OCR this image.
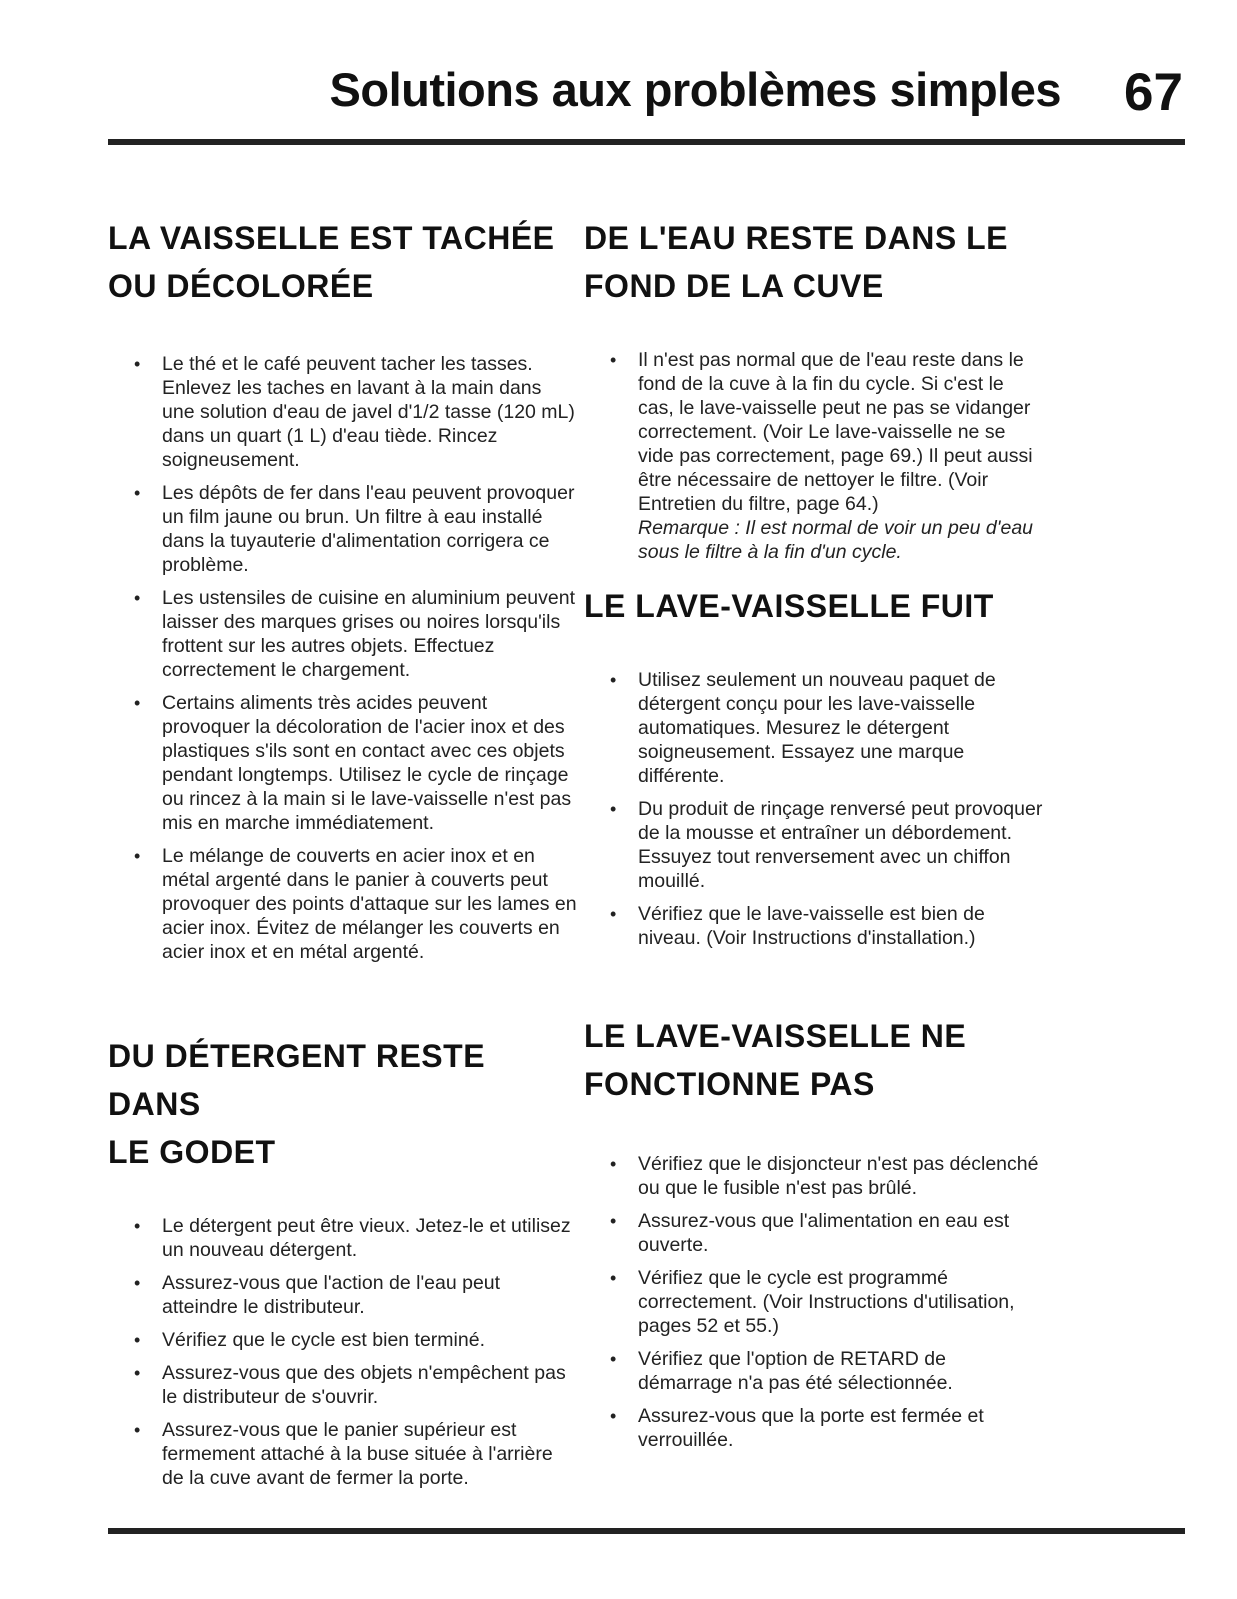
Solutions aux problèmes simples 67
LA VAISSELLE EST TACHÉE
OU DÉCOLORÉE
• Le thé et le café peuvent tacher les tasses. Enlevez les taches en lavant à la main dans une solution d'eau de javel d'1/2 tasse (120 mL) dans un quart (1 L) d'eau tiède. Rincez soigneusement.
• Les dépôts de fer dans l'eau peuvent provoquer un film jaune ou brun. Un filtre à eau installé dans la tuyauterie d'alimentation corrigera ce problème.
• Les ustensiles de cuisine en aluminium peuvent laisser des marques grises ou noires lorsqu'ils frottent sur les autres objets. Effectuez correctement le chargement.
• Certains aliments très acides peuvent provoquer la décoloration de l'acier inox et des plastiques s'ils sont en contact avec ces objets pendant longtemps. Utilisez le cycle de rinçage ou rincez à la main si le lave-vaisselle n'est pas mis en marche immédiatement.
• Le mélange de couverts en acier inox et en métal argenté dans le panier à couverts peut provoquer des points d'attaque sur les lames en acier inox. Évitez de mélanger les couverts en acier inox et en métal argenté.
DU DÉTERGENT RESTE DANS
LE GODET
• Le détergent peut être vieux. Jetez-le et utilisez un nouveau détergent.
• Assurez-vous que l'action de l'eau peut atteindre le distributeur.
• Vérifiez que le cycle est bien terminé.
• Assurez-vous que des objets n'empêchent pas le distributeur de s'ouvrir.
• Assurez-vous que le panier supérieur est fermement attaché à la buse située à l'arrière de la cuve avant de fermer la porte.
DE L'EAU RESTE DANS LE
FOND DE LA CUVE
• Il n'est pas normal que de l'eau reste dans le fond de la cuve à la fin du cycle. Si c'est le cas, le lave-vaisselle peut ne pas se vidanger correctement. (Voir Le lave-vaisselle ne se vide pas correctement, page 69.) Il peut aussi être nécessaire de nettoyer le filtre. (Voir Entretien du filtre, page 64.)
Remarque : Il est normal de voir un peu d'eau sous le filtre à la fin d'un cycle.
LE LAVE-VAISSELLE FUIT
• Utilisez seulement un nouveau paquet de détergent conçu pour les lave-vaisselle automatiques. Mesurez le détergent soigneusement. Essayez une marque différente.
• Du produit de rinçage renversé peut provoquer de la mousse et entraîner un débordement. Essuyez tout renversement avec un chiffon mouillé.
• Vérifiez que le lave-vaisselle est bien de niveau. (Voir Instructions d'installation.)
LE LAVE-VAISSELLE NE
FONCTIONNE PAS
• Vérifiez que le disjoncteur n'est pas déclenché ou que le fusible n'est pas brûlé.
• Assurez-vous que l'alimentation en eau est ouverte.
• Vérifiez que le cycle est programmé correctement. (Voir Instructions d'utilisation, pages 52 et 55.)
• Vérifiez que l'option de RETARD de démarrage n'a pas été sélectionnée.
• Assurez-vous que la porte est fermée et verrouillée.
